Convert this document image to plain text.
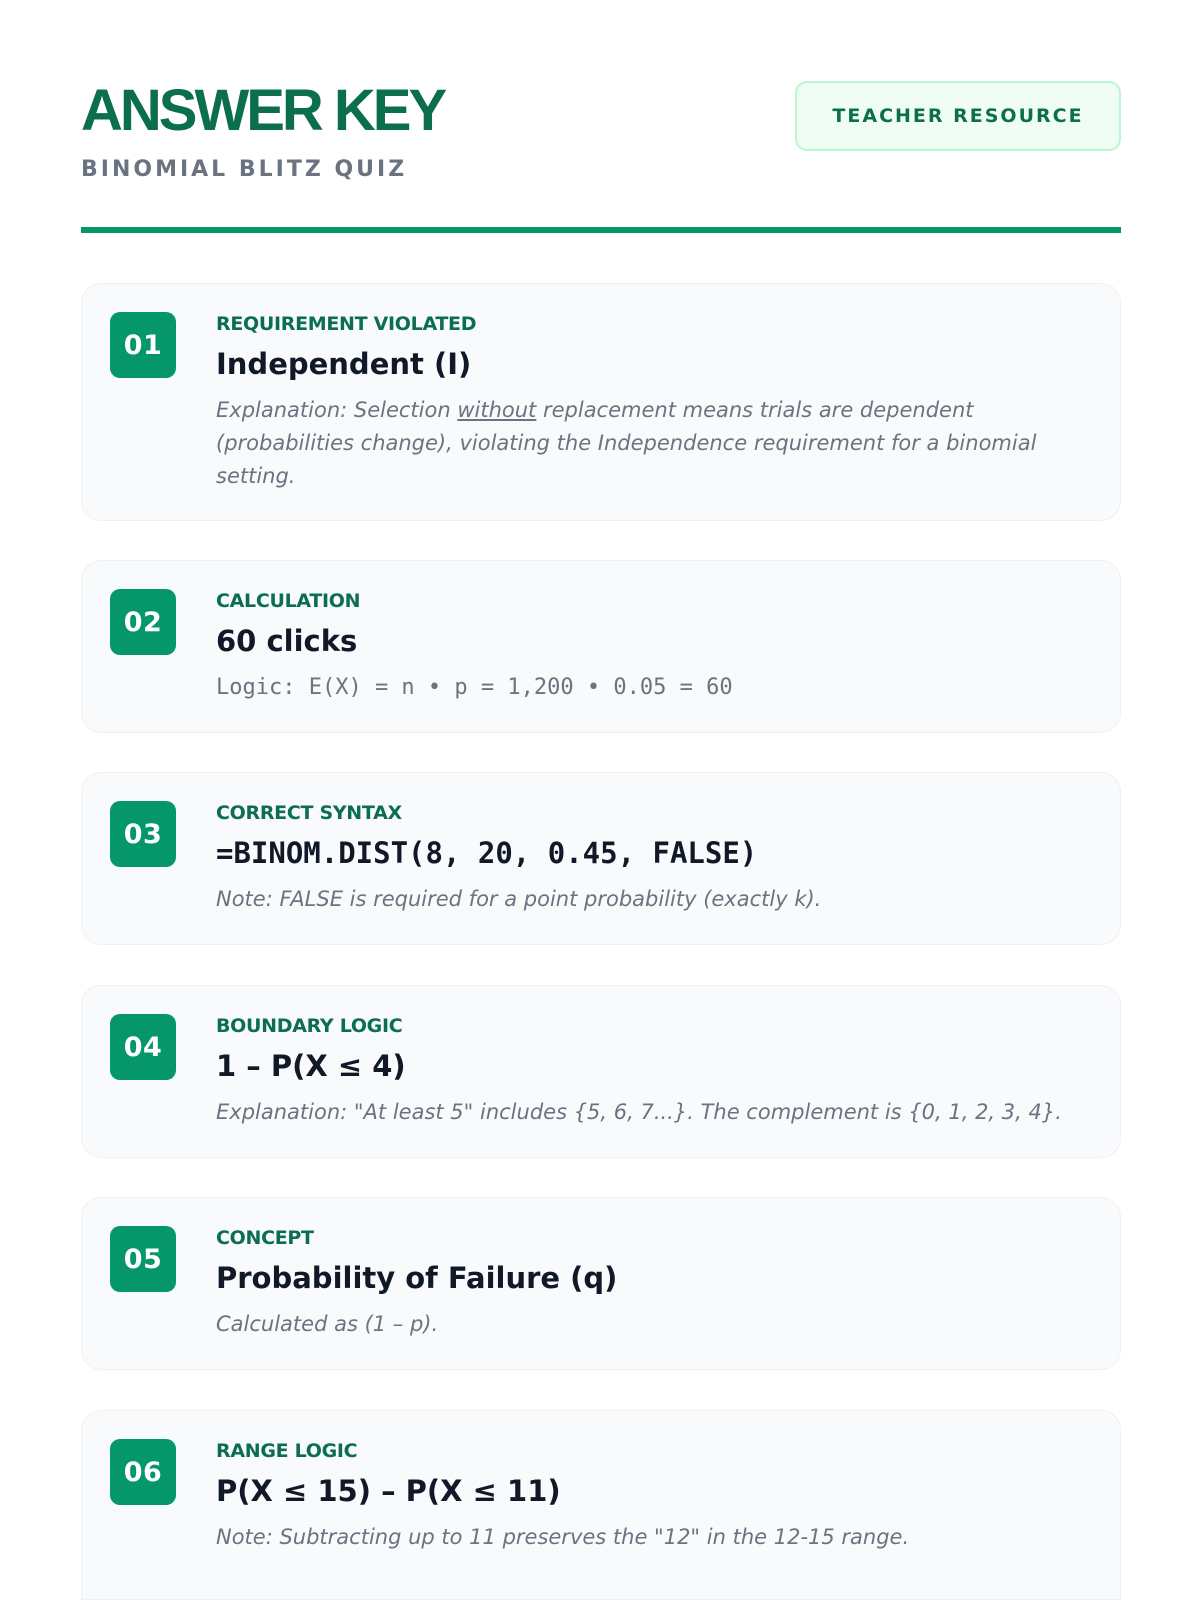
ANSWER KEY
BINOMIAL BLITZ QUIZ
TEACHER RESOURCE
01
REQUIREMENT VIOLATED
Independent (I)
Explanation: Selection without replacement means trials are dependent (probabilities change), violating the Independence requirement for a binomial setting.
02
CALCULATION
60 clicks
Logic: E(X) = n • p = 1,200 • 0.05 = 60
03
CORRECT SYNTAX
=BINOM.DIST(8, 20, 0.45, FALSE)
Note: FALSE is required for a point probability (exactly k).
04
BOUNDARY LOGIC
1 – P(X ≤ 4)
Explanation: "At least 5" includes {5, 6, 7...}. The complement is {0, 1, 2, 3, 4}.
05
CONCEPT
Probability of Failure (q)
Calculated as (1 – p).
06
RANGE LOGIC
P(X ≤ 15) – P(X ≤ 11)
Note: Subtracting up to 11 preserves the "12" in the 12-15 range.
